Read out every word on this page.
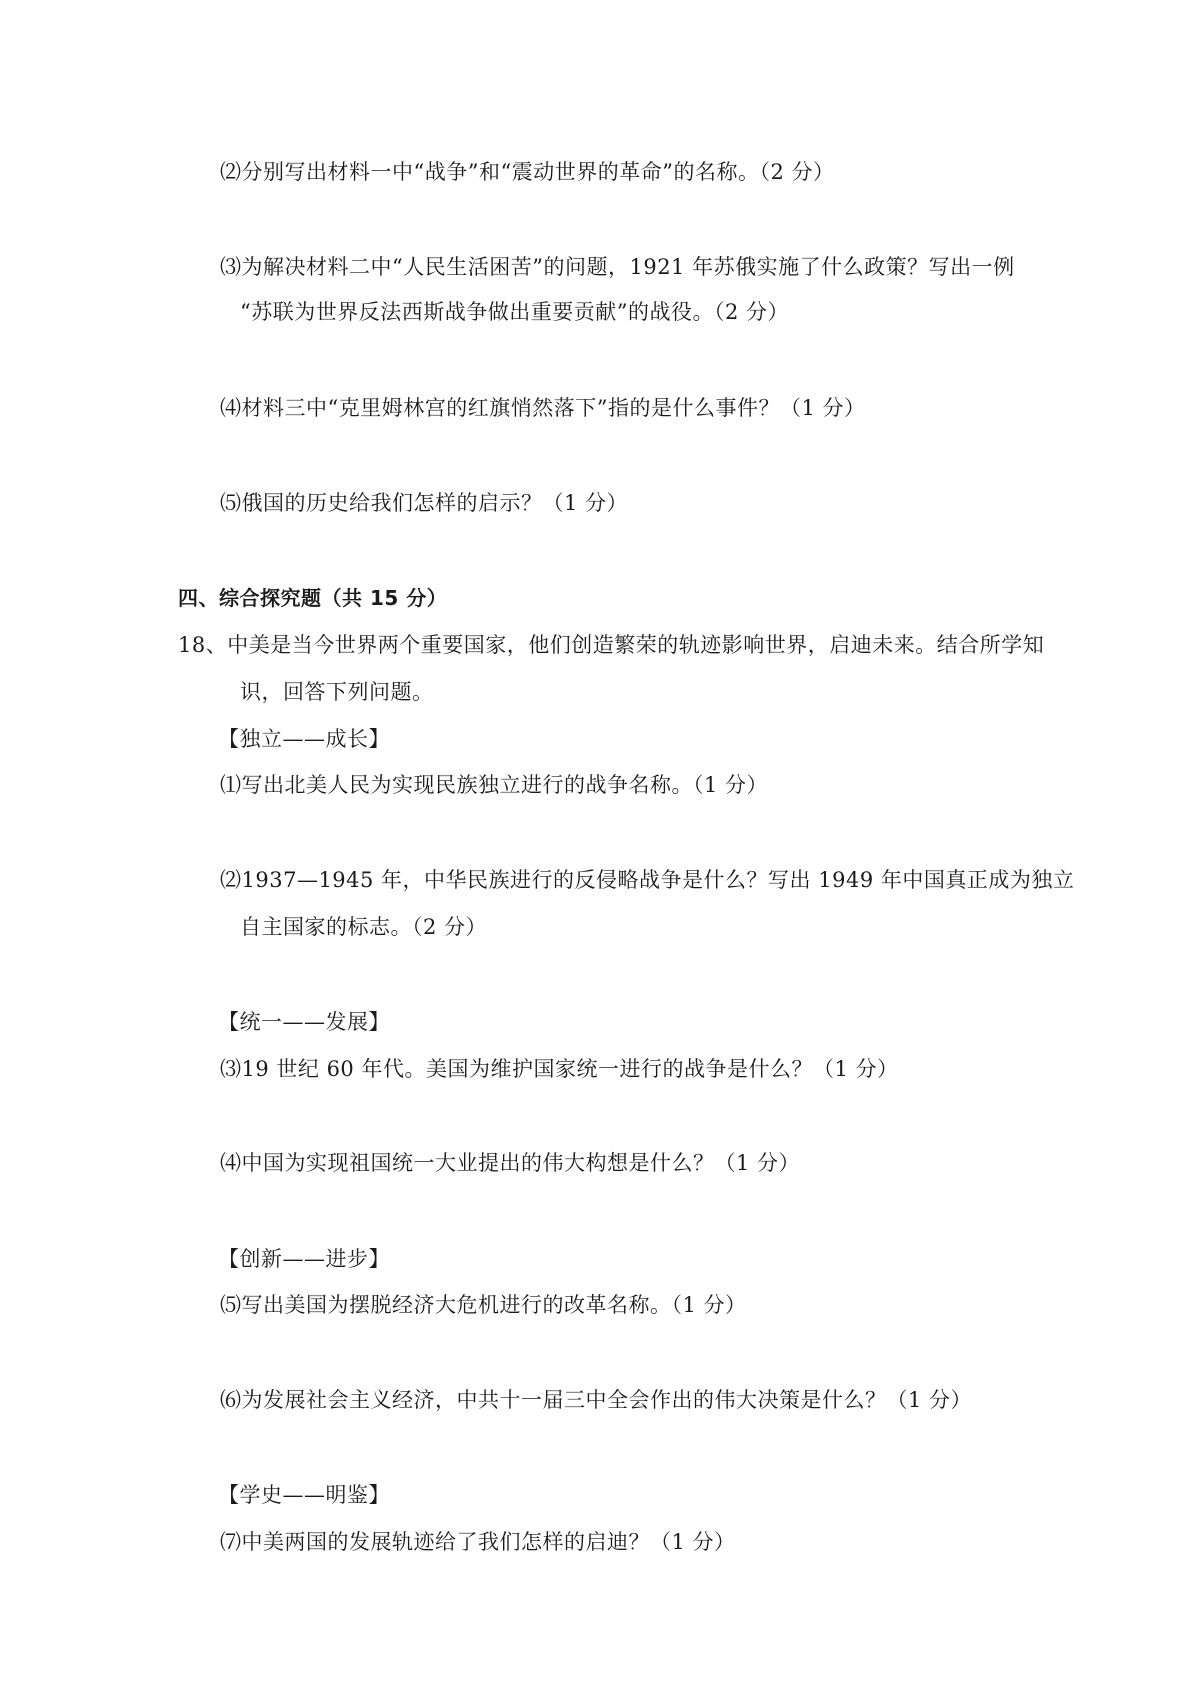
⑵分别写出材料一中“战争”和“震动世界的革命”的名称。（2 分）
⑶为解决材料二中“人民生活困苦”的问题，1921 年苏俄实施了什么政策？写出一例
“苏联为世界反法西斯战争做出重要贡献”的战役。（2 分）
⑷材料三中“克里姆林宫的红旗悄然落下”指的是什么事件？（1 分）
⑸俄国的历史给我们怎样的启示？（1 分）
四、综合探究题（共 15 分）
18、中美是当今世界两个重要国家，他们创造繁荣的轨迹影响世界，启迪未来。结合所学知
识，回答下列问题。
【独立——成长】
⑴写出北美人民为实现民族独立进行的战争名称。（1 分）
⑵1937—1945 年，中华民族进行的反侵略战争是什么？写出 1949 年中国真正成为独立
自主国家的标志。（2 分）
【统一——发展】
⑶19 世纪 60 年代。美国为维护国家统一进行的战争是什么？（1 分）
⑷中国为实现祖国统一大业提出的伟大构想是什么？（1 分）
【创新——进步】
⑸写出美国为摆脱经济大危机进行的改革名称。（1 分）
⑹为发展社会主义经济，中共十一届三中全会作出的伟大决策是什么？（1 分）
【学史——明鉴】
⑺中美两国的发展轨迹给了我们怎样的启迪？（1 分）
